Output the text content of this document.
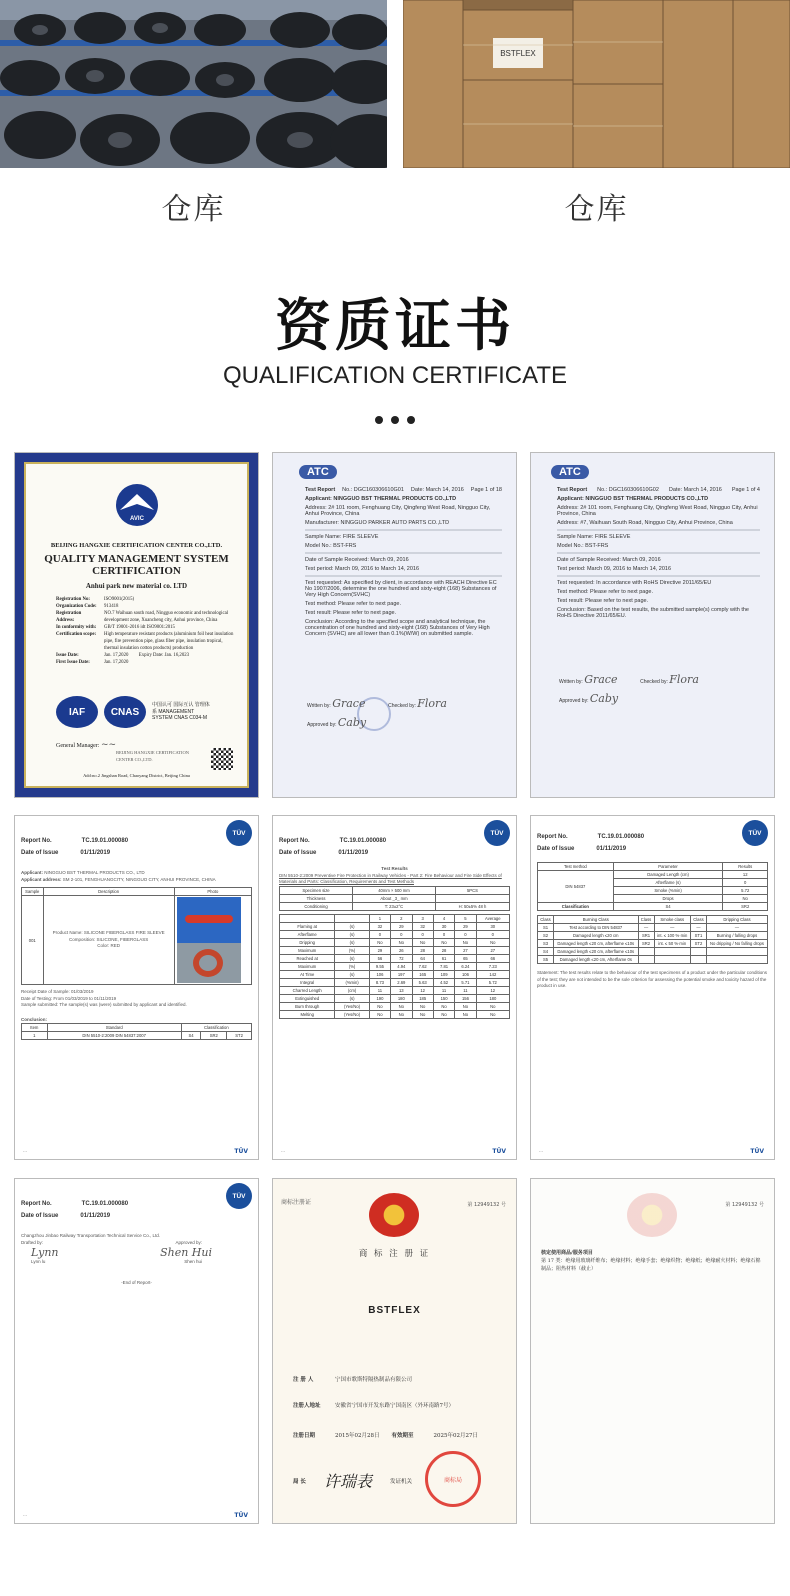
BSTFLEX
仓库	仓库
资质证书
QUALIFICATION CERTIFICATE
AVIC
BEIJING HANGXIE CERTIFICATION CENTER CO.,LTD.
QUALITY MANAGEMENT SYSTEM
CERTIFICATION
Anhui park new material co. LTD
Registration No:	ISO9001(2015)
Organization Code:	913418
Registration Address:
NO.7 Waihuan south road, Ningguo economic and technological development zone, Xuancheng city, Anhui province, China
In conformity with:	GB/T 19001-2016 idt ISO9001:2015
Certification scope:	High temperature resistant products (aluminium foil heat insulation pipe, fire prevention pipe, glass fiber pipe, insulation tropical, thermal insulation cotton products) production
Issue Date:	Jan. 17,2020
Expiry Date: Jan. 16,2023
First Issue Date:	Jan. 17,2020
IAF	CNAS
中国认可 国际互认 管理体系 MANAGEMENT SYSTEM CNAS C034-M
General Manager: ~~
BEIJING HANGXIE CERTIFICATION CENTER CO.,LTD.
Add:no.2 Jingshan Road, Chaoyang District, Beijing China
ATC
Test Report No.: DGC160306610G01 Date: March 14, 2016 Page 1 of 18
Applicant: NINGGUO BST THERMAL PRODUCTS CO.,LTD
Address: 2# 101 room, Fenghuang City, Qingfeng West Road, Ningguo City, Anhui Province, China
Manufacturer: NINGGUO PARKER AUTO PARTS CO.,LTD
Sample Name: FIRE SLEEVE
Model No.: BST-FRS
Date of Sample Received: March 09, 2016
Test period: March 09, 2016 to March 14, 2016
Test requested: As specified by client, in accordance with REACH Directive EC No 1907/2006, determine the one hundred and sixty-eight (168) Substances of Very High Concern(SVHC)
Test method: Please refer to next page.
Test result: Please refer to next page.
Conclusion: According to the specified scope and analytical technique, the concentration of one hundred and sixty-eight (168) Substances of Very High Concern (SVHC) are all lower than 0.1%(W/W) on submitted sample.
Written by: Grace

Approved by: Caby
Checked by: Flora
ATC
Test Report No.: DGC160306610G02 Date: March 14, 2016 Page 1 of 4
Applicant: NINGGUO BST THERMAL PRODUCTS CO.,LTD
Address: 2# 101 room, Fenghuang City, Qingfeng West Road, Ningguo City, Anhui Province, China
Address: #7, Waihuan South Road, Ningguo City, Anhui Province, China
Sample Name: FIRE SLEEVE
Model No.: BST-FRS
Date of Sample Received: March 09, 2016
Test period: March 09, 2016 to March 14, 2016
Test requested: In accordance with RoHS Directive 2011/65/EU
Test method: Please refer to next page.
Test result: Please refer to next page.
Conclusion: Based on the test results, the submitted sample(s) comply with the RoHS Directive 2011/65/EU.
Written by: Grace

Approved by: Caby
Checked by: Flora
TÜV
Report No.	TC.19.01.000080
Date of Issue	01/11/2019
Applicant: NINGGUO BST THERMAL PRODUCTS CO., LTD
Applicant address: SM 2-101, FENGHUANGCITY, NINGGUO CITY, ANHUI PROVINCE, CHINA
Sample	Description	Photo
001	Product Name: SILICONE FIBERGLASS FIRE SLEEVE
Composition: SILICONE, FIBERGLASS
Color: RED	

Receipt Date of Sample: 01/03/2019
Date of Testing: From 01/03/2019 to 01/11/2019
Sample submitted: The sample(s) was (were) submitted by applicant and identified.
Conclusion:
Item	Standard	Classification		
1	DIN 5510-2:2009 DIN 54837:2007	S4	SR2	ST2
…	TÜV
TÜV
Report No.	TC.19.01.000080
Date of Issue	01/11/2019
Test Results
DIN 5510-2:2009 Preventive Fire Protection in Railway Vehicles - Part 2: Fire Behaviour and Fire Side Effects of Materials and Parts: Classification, Requirements and Test Methods
Specimen size	40mm × 500 mm	5PCS
Thickness	About _3_ mm	
Conditioning	T: 23±2°C	H: 50±5% 48 h
		1	2	3	4	5	Average
Flaming at	(s)	32	29	32	30	29	30
Afterflame	(s)	0	0	0	0	0	0
Dripping	(s)	No	No	No	No	No	No
Maximum	(%)	29	26	28	28	27	27
Reached at	(s)	56	72	64	61	65	66
Maximum	(%)	9.55	4.94	7.62	7.81	6.24	7.23
At Time	(s)	106	197	165	109	106	142
Integral	(%min)	8.73	2.69	5.63	4.52	5.71	5.72
Charred Length	(cm)	11	13	12	11	11	12
Extinguished	(s)	190	180	185	150	156	180
Burn through	(Yes/No)	No	No	No	No	No	No
Melting	(Yes/No)	No	No	No	No	No	No
…	TÜV
TÜV
Report No.	TC.19.01.000080
Date of Issue	01/11/2019
Test method	Parameter	Results
DIN 54837	Damaged Length (cm)	12
	Afterflame (s)	0
	Smoke (%min)	5.72
	Drops	No
Classification	S4	SR2
Class	Burning Class	Class	Smoke class	Class	Dripping Class
S1	Test according to DIN 54837	—	—	—	—
S2	Damaged length ≤20 cm	SR1	int. ≤ 100 %·min	ST1	Burning / falling drops
S3	Damaged length ≤20 cm, afterflame ≤10s	SR2	int. ≤ 50 %·min	ST2	No dripping / No falling drops
S4	Damaged length ≤20 cm, afterflame ≤10s				
S5	Damaged length ≤20 cm, Afterflame 0s				
Statement: The test results relate to the behaviour of the test specimens of a product under the particular conditions of the test; they are not intended to be the sole criterion for assessing the potential smoke and toxicity hazard of the product in use.
…	TÜV
TÜV
Report No.	TC.19.01.000080
Date of Issue	01/11/2019
Changzhou Jinbao Railway Transportation Technical Service Co., Ltd.
Drafted by:	Approved by:
Lynn	Shen Hui
Lynn lu	Shen hui
-End of Report-
…	TÜV
商标注册证	第 12949132 号
商 标 注 册 证
BSTFLEX
注 册 人	宁国市歌斯特隔热制品有限公司
注册人地址	安徽省宁国市开发东路宁国南区（外环南路7号）
注册日期	2015年02月28日 有效期至	2025年02月27日
局 长 许瑞表	发证机关	商标局
第 12949132 号
核定使用商品/服务项目
第 17 类：绝缘用玻璃纤维布；绝缘材料；绝缘手套；绝缘织物；绝缘纸；绝缘耐火材料；绝缘石棉制品；阻热材料（截止）
